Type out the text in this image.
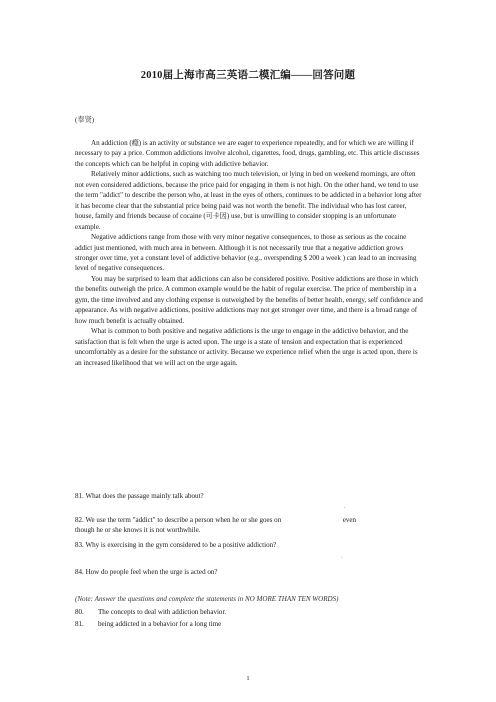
2010届上海市高三英语二模汇编——回答问题
(奉贤)

An addiction (瘾) is an activity or substance we are eager to experience repeatedly, and for which we are willing if necessary to pay a price. Common addictions involve alcohol, cigarettes, food, drugs, gambling, etc. This article discusses the concepts which can be helpful in coping with addictive behavior.

Relatively minor addictions, such as watching too much television, or lying in bed on weekend mornings, are often not even considered addictions, because the price paid for engaging in them is not high. On the other hand, we tend to use the term "addict" to describe the person who, at least in the eyes of others, continues to be addicted in a behavior long after it has become clear that the substantial price being paid was not worth the benefit. The individual who has lost career, house, family and friends because of cocaine (可卡因) use, but is unwilling to consider stopping is an unfortunate example.

Negative addictions range from those with very minor negative consequences, to those as serious as the cocaine addict just mentioned, with much area in between. Although it is not necessarily true that a negative addiction grows stronger over time, yet a constant level of addictive behavior (e.g., overspending $ 200 a week ) can lead to an increasing level of negative consequences.

You may be surprised to learn that addictions can also be considered positive. Positive addictions are those in which the benefits outweigh the price. A common example would be the habit of regular exercise. The price of membership in a gym, the time involved and any clothing expense is outweighed by the benefits of better health, energy, self confidence and appearance. As with negative addictions, positive addictions may not get stronger over time, and there is a broad range of how much benefit is actually obtained.

What is common to both positive and negative addictions is the urge to engage in the addictive behavior, and the satisfaction that is felt when the urge is acted upon. The urge is a state of tension and expectation that is experienced uncomfortably as a desire for the substance or activity. Because we experience relief when the urge is acted upon, there is an increased likelihood that we will act on the urge again.

81. What does the passage mainly talk about?
.
82. We use the term "addict" to describe a person when he or she goes on	even
though he or she knows it is not worthwhile.
83. Why is exercising in the gym considered to be a positive addiction?
.
84. How do people feel when the urge is acted on?
(Note: Answer the questions and complete the statements in NO MORE THAN TEN WORDS)
80. The concepts to deal with addiction behavior.
81. being addicted in a behavior for a long time
1
